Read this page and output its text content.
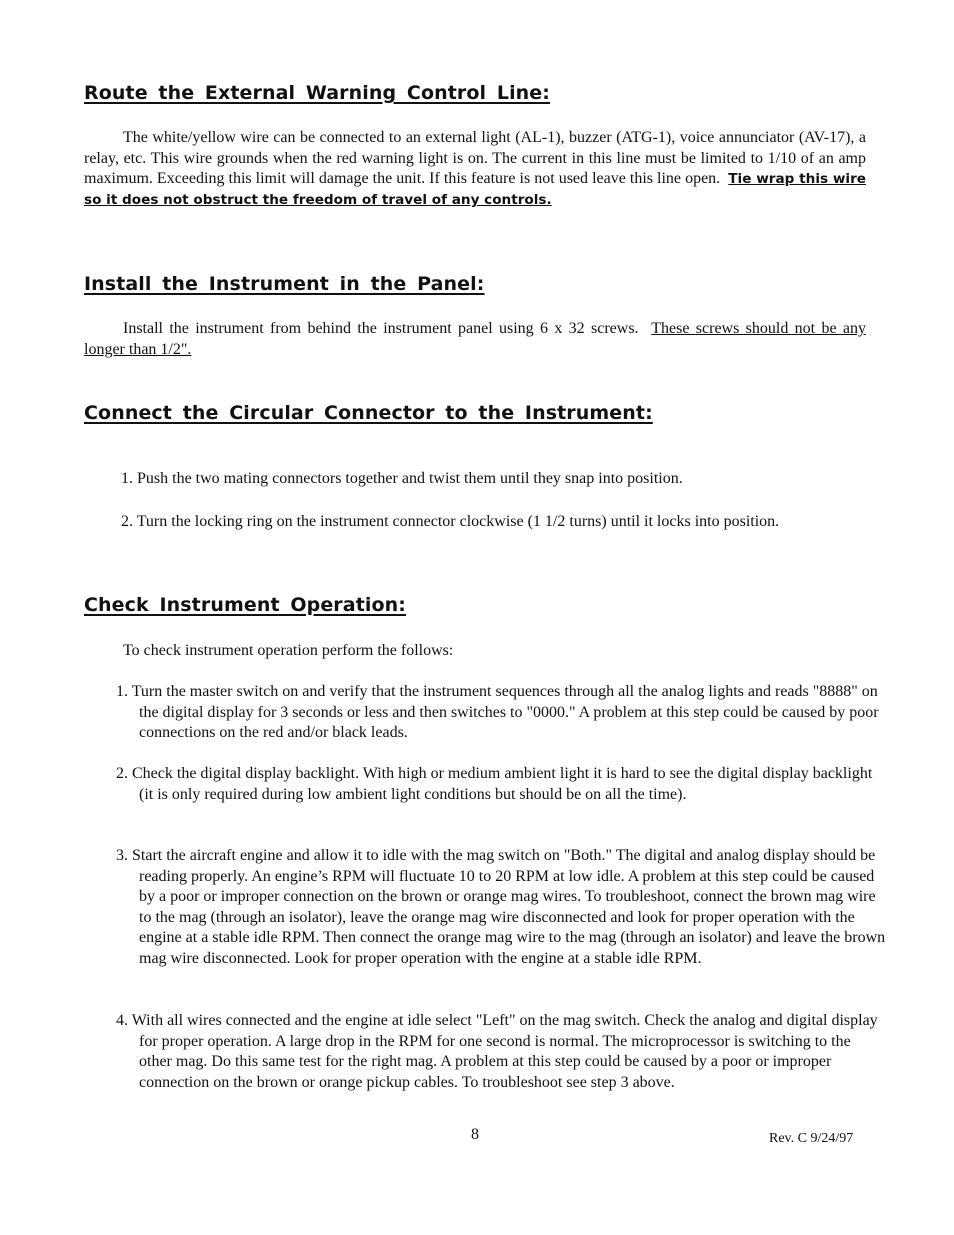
Route the External Warning Control Line:

The white/yellow wire can be connected to an external light (AL-1), buzzer (ATG-1), voice annunciator (AV-17), a relay, etc. This wire grounds when the red warning light is on. The current in this line must be limited to 1/10 of an amp maximum. Exceeding this limit will damage the unit. If this feature is not used leave this line open. Tie wrap this wire so it does not obstruct the freedom of travel of any controls.

Install the Instrument in the Panel:

Install the instrument from behind the instrument panel using 6 x 32 screws. These screws should not be any longer than 1/2".

Connect the Circular Connector to the Instrument:

1. Push the two mating connectors together and twist them until they snap into position.

2. Turn the locking ring on the instrument connector clockwise (1 1/2 turns) until it locks into position.

Check Instrument Operation:

To check instrument operation perform the follows:

1. Turn the master switch on and verify that the instrument sequences through all the analog lights and reads "8888" on the digital display for 3 seconds or less and then switches to "0000." A problem at this step could be caused by poor connections on the red and/or black leads.

2. Check the digital display backlight. With high or medium ambient light it is hard to see the digital display backlight (it is only required during low ambient light conditions but should be on all the time).

3. Start the aircraft engine and allow it to idle with the mag switch on "Both." The digital and analog display should be reading properly. An engine’s RPM will fluctuate 10 to 20 RPM at low idle. A problem at this step could be caused by a poor or improper connection on the brown or orange mag wires. To troubleshoot, connect the brown mag wire to the mag (through an isolator), leave the orange mag wire disconnected and look for proper operation with the engine at a stable idle RPM. Then connect the orange mag wire to the mag (through an isolator) and leave the brown mag wire disconnected. Look for proper operation with the engine at a stable idle RPM.

4. With all wires connected and the engine at idle select "Left" on the mag switch. Check the analog and digital display for proper operation. A large drop in the RPM for one second is normal. The microprocessor is switching to the other mag. Do this same test for the right mag. A problem at this step could be caused by a poor or improper connection on the brown or orange pickup cables. To troubleshoot see step 3 above.

8	Rev. C 9/24/97
